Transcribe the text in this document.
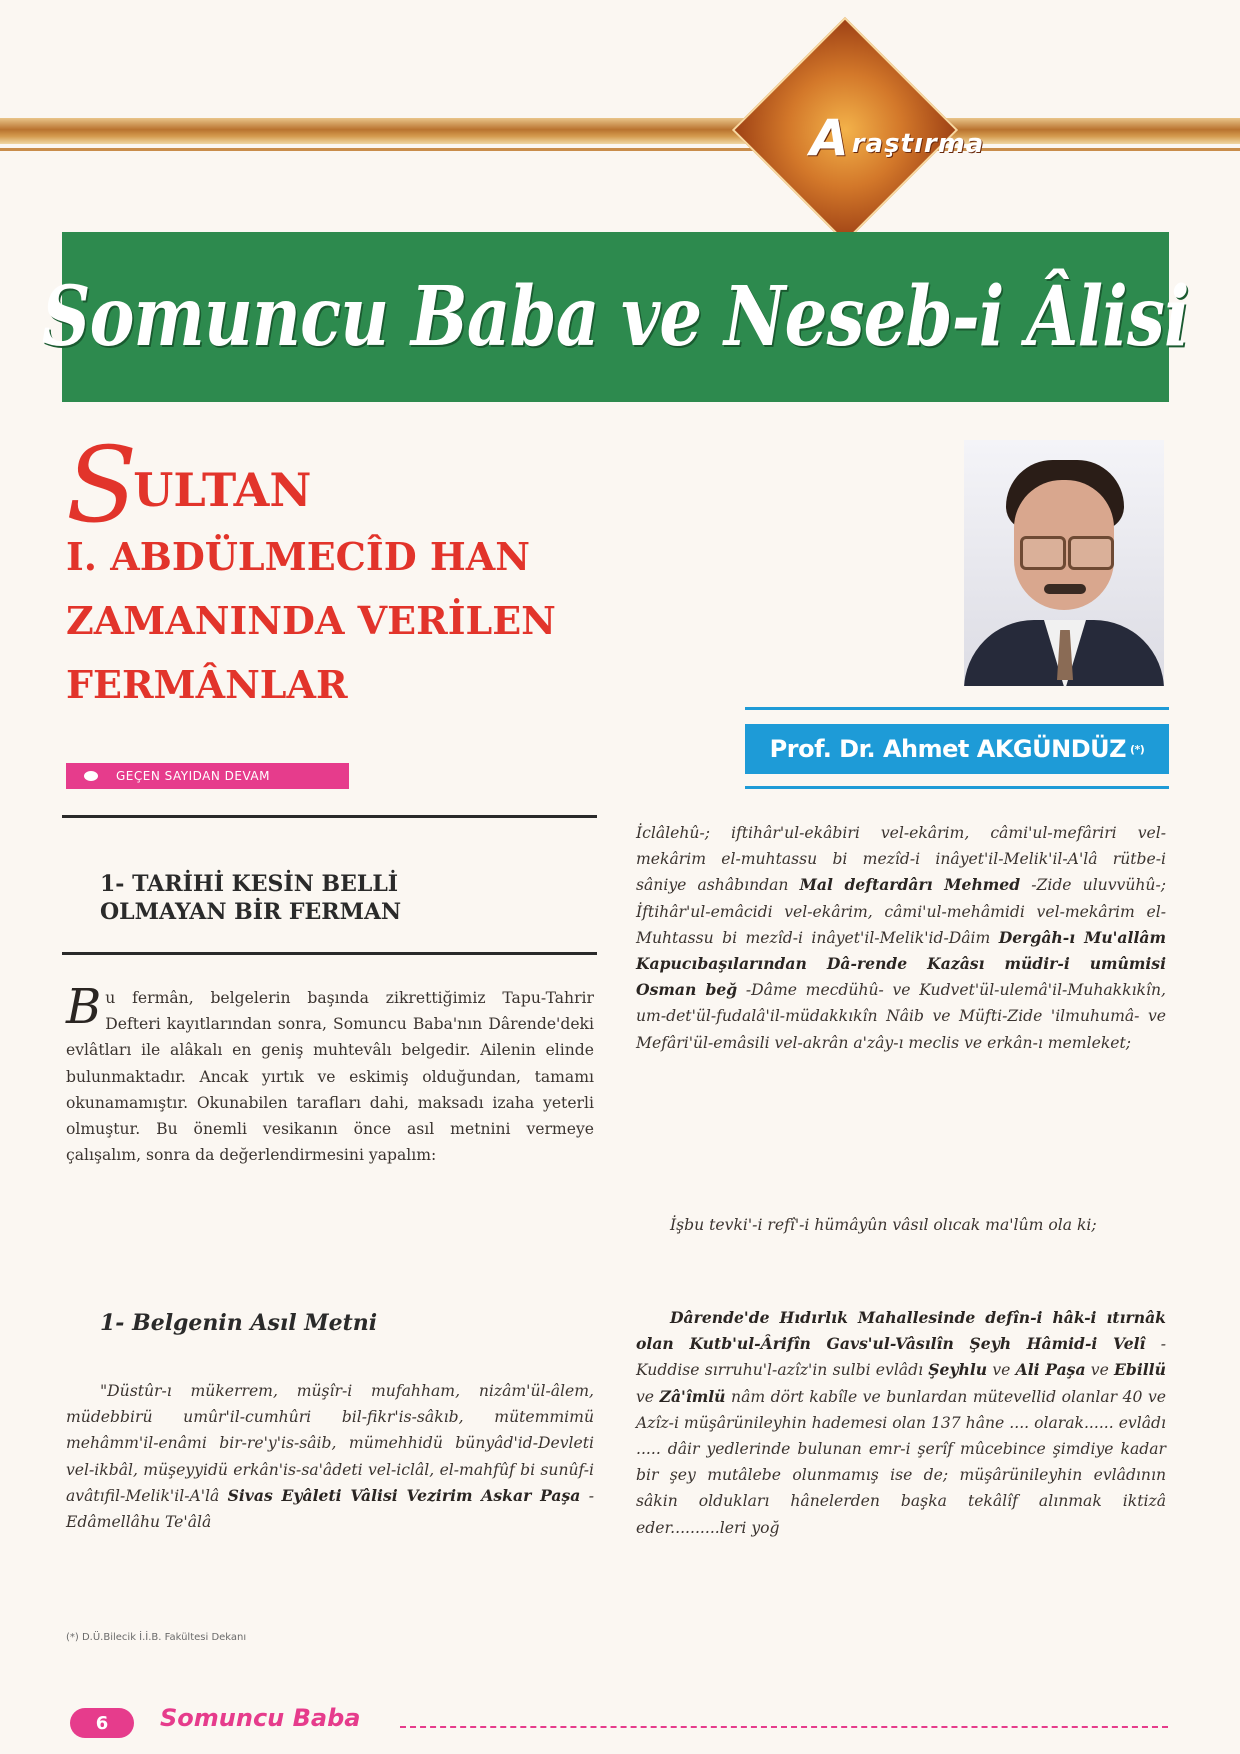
A raştırma
Somuncu Baba ve Neseb-i Âlisi
S
ULTAN
I. ABDÜLMECÎD HAN
ZAMANINDA VERİLEN
FERMÂNLAR
GEÇEN SAYIDAN DEVAM
Prof. Dr. Ahmet AKGÜNDÜZ (*)
1- TARİHİ KESİN BELLİ
OLMAYAN BİR FERMAN
Bu fermân, belgelerin başında zikrettiğimiz Tapu-Tahrir Defteri kayıtlarından sonra, Somuncu Baba'nın Dârende'deki evlâtları ile alâkalı en geniş muhtevâlı belgedir. Ailenin elinde bulunmaktadır. Ancak yırtık ve eskimiş olduğundan, tamamı okunamamıştır. Okunabilen tarafları dahi, maksadı izaha yeterli olmuştur. Bu önemli vesikanın önce asıl metnini vermeye çalışalım, sonra da değerlendirmesini yapalım:
1- Belgenin Asıl Metni
"Düstûr-ı mükerrem, müşîr-i mufahham, nizâm'ül-âlem, müdebbirü umûr'il-cumhûri bil-fikr'is-sâkıb, mütemmimü mehâmm'il-enâmi bir-re'y'is-sâib, mümehhidü bünyâd'id-Devleti vel-ikbâl, müşeyyidü erkân'is-sa'âdeti vel-iclâl, el-mahfûf bi sunûf-i avâtıfil-Melik'il-A'lâ Sivas Eyâleti Vâlisi Vezirim Askar Paşa -Edâmellâhu Te'âlâ
(*) D.Ü.Bilecik İ.İ.B. Fakültesi Dekanı
İclâlehû-; iftihâr'ul-ekâbiri vel-ekârim, câmi'ul-mefâriri vel-mekârim el-muhtassu bi mezîd-i inâyet'il-Melik'il-A'lâ rütbe-i sâniye ashâbından Mal deftardârı Mehmed -Zide uluvvühû-; İftihâr'ul-emâcidi vel-ekârim, câmi'ul-mehâmidi vel-mekârim el-Muhtassu bi mezîd-i inâyet'il-Melik'id-Dâim Dergâh-ı Mu'allâm Kapucıbaşılarından Dâ-rende Kazâsı müdir-i umûmisi Osman beğ -Dâme mecdühû- ve Kudvet'ül-ulemâ'il-Muhakkıkîn, um-det'ül-fudalâ'il-müdakkıkîn Nâib ve Müfti-Zide 'ilmuhumâ- ve Mefâri'ül-emâsili vel-akrân a'zây-ı meclis ve erkân-ı memleket;
İşbu tevki'-i refî'-i hümâyûn vâsıl olıcak ma'lûm ola ki;
Dârende'de Hıdırlık Mahallesinde defîn-i hâk-i ıtırnâk olan Kutb'ul-Ârifîn Gavs'ul-Vâsılîn Şeyh Hâmid-i Velî -Kuddise sırruhu'l-azîz'in sulbi evlâdı Şeyhlu ve Ali Paşa ve Ebillü ve Zâ'îmlü nâm dört kabîle ve bunlardan mütevellid olanlar 40 ve Azîz-i müşârünileyhin hademesi olan 137 hâne .... olarak...... evlâdı ..... dâir yedlerinde bulunan emr-i şerîf mûcebince şimdiye kadar bir şey mutâlebe olunmamış ise de; müşârünileyhin evlâdının sâkin oldukları hânelerden başka tekâlîf alınmak iktizâ eder..........leri yoğ
6	Somuncu Baba
